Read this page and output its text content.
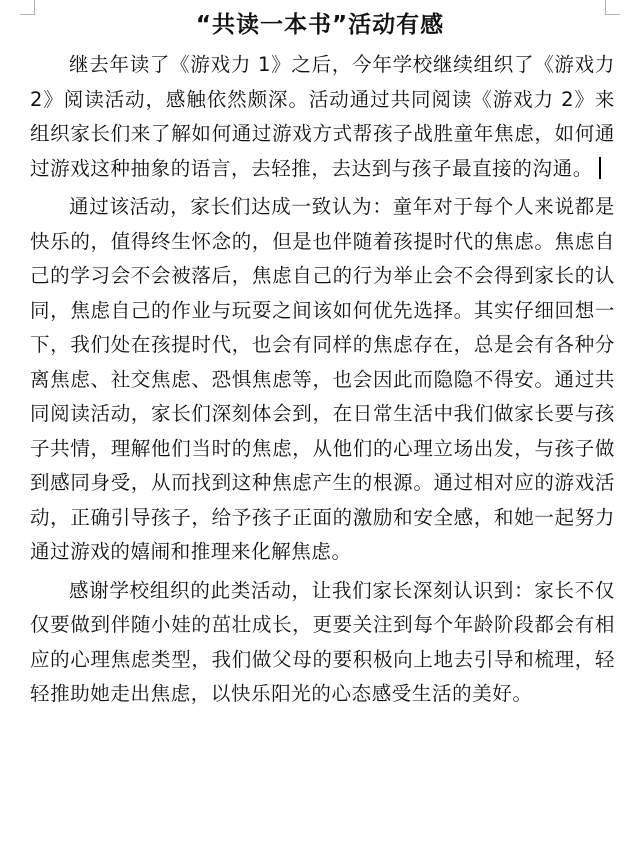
“共读一本书”活动有感

继去年读了《游戏力 1》之后，今年学校继续组织了《游戏力 2》阅读活动，感触依然颇深。活动通过共同阅读《游戏力 2》来组织家长们来了解如何通过游戏方式帮孩子战胜童年焦虑，如何通过游戏这种抽象的语言，去轻推，去达到与孩子最直接的沟通。

通过该活动，家长们达成一致认为：童年对于每个人来说都是快乐的，值得终生怀念的，但是也伴随着孩提时代的焦虑。焦虑自己的学习会不会被落后，焦虑自己的行为举止会不会得到家长的认同，焦虑自己的作业与玩耍之间该如何优先选择。其实仔细回想一下，我们处在孩提时代，也会有同样的焦虑存在，总是会有各种分离焦虑、社交焦虑、恐惧焦虑等，也会因此而隐隐不得安。通过共同阅读活动，家长们深刻体会到，在日常生活中我们做家长要与孩子共情，理解他们当时的焦虑，从他们的心理立场出发，与孩子做到感同身受，从而找到这种焦虑产生的根源。通过相对应的游戏活动，正确引导孩子，给予孩子正面的激励和安全感，和她一起努力通过游戏的嬉闹和推理来化解焦虑。

感谢学校组织的此类活动，让我们家长深刻认识到：家长不仅仅要做到伴随小娃的茁壮成长，更要关注到每个年龄阶段都会有相应的心理焦虑类型，我们做父母的要积极向上地去引导和梳理，轻轻推助她走出焦虑，以快乐阳光的心态感受生活的美好。
